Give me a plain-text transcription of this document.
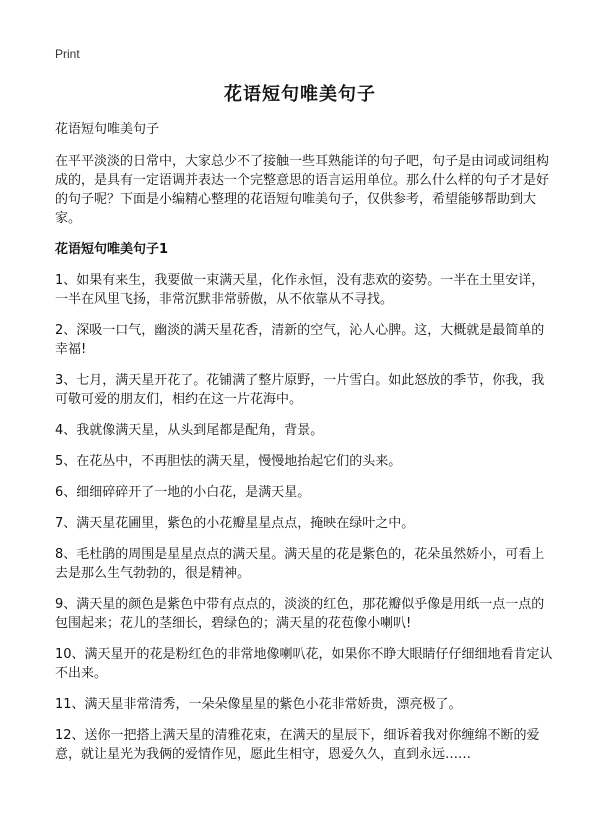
Print
花语短句唯美句子
花语短句唯美句子
在平平淡淡的日常中，大家总少不了接触一些耳熟能详的句子吧，句子是由词或词组构成的，是具有一定语调并表达一个完整意思的语言运用单位。那么什么样的句子才是好的句子呢？下面是小编精心整理的花语短句唯美句子，仅供参考，希望能够帮助到大家。
花语短句唯美句子1
1、如果有来生，我要做一束满天星，化作永恒，没有悲欢的姿势。一半在土里安详，一半在风里飞扬，非常沉默非常骄傲，从不依靠从不寻找。
2、深吸一口气，幽淡的满天星花香，清新的空气，沁人心脾。这，大概就是最简单的幸福!
3、七月，满天星开花了。花铺满了整片原野，一片雪白。如此怒放的季节，你我，我可敬可爱的朋友们，相约在这一片花海中。
4、我就像满天星，从头到尾都是配角，背景。
5、在花丛中，不再胆怯的满天星，慢慢地抬起它们的头来。
6、细细碎碎开了一地的小白花，是满天星。
7、满天星花圃里，紫色的小花瓣星星点点，掩映在绿叶之中。
8、毛杜鹃的周围是星星点点的满天星。满天星的花是紫色的，花朵虽然娇小，可看上去是那么生气勃勃的，很是精神。
9、满天星的颜色是紫色中带有点点的，淡淡的红色，那花瓣似乎像是用纸一点一点的包围起来；花儿的茎细长，碧绿色的；满天星的花苞像小喇叭!
10、满天星开的花是粉红色的非常地像喇叭花，如果你不睁大眼睛仔仔细细地看肯定认不出来。
11、满天星非常清秀，一朵朵像星星的紫色小花非常娇贵，漂亮极了。
12、送你一把搭上满天星的清雅花束，在满天的星辰下，细诉着我对你缠绵不断的爱意，就让星光为我俩的爱情作见，愿此生相守，恩爱久久，直到永远……
